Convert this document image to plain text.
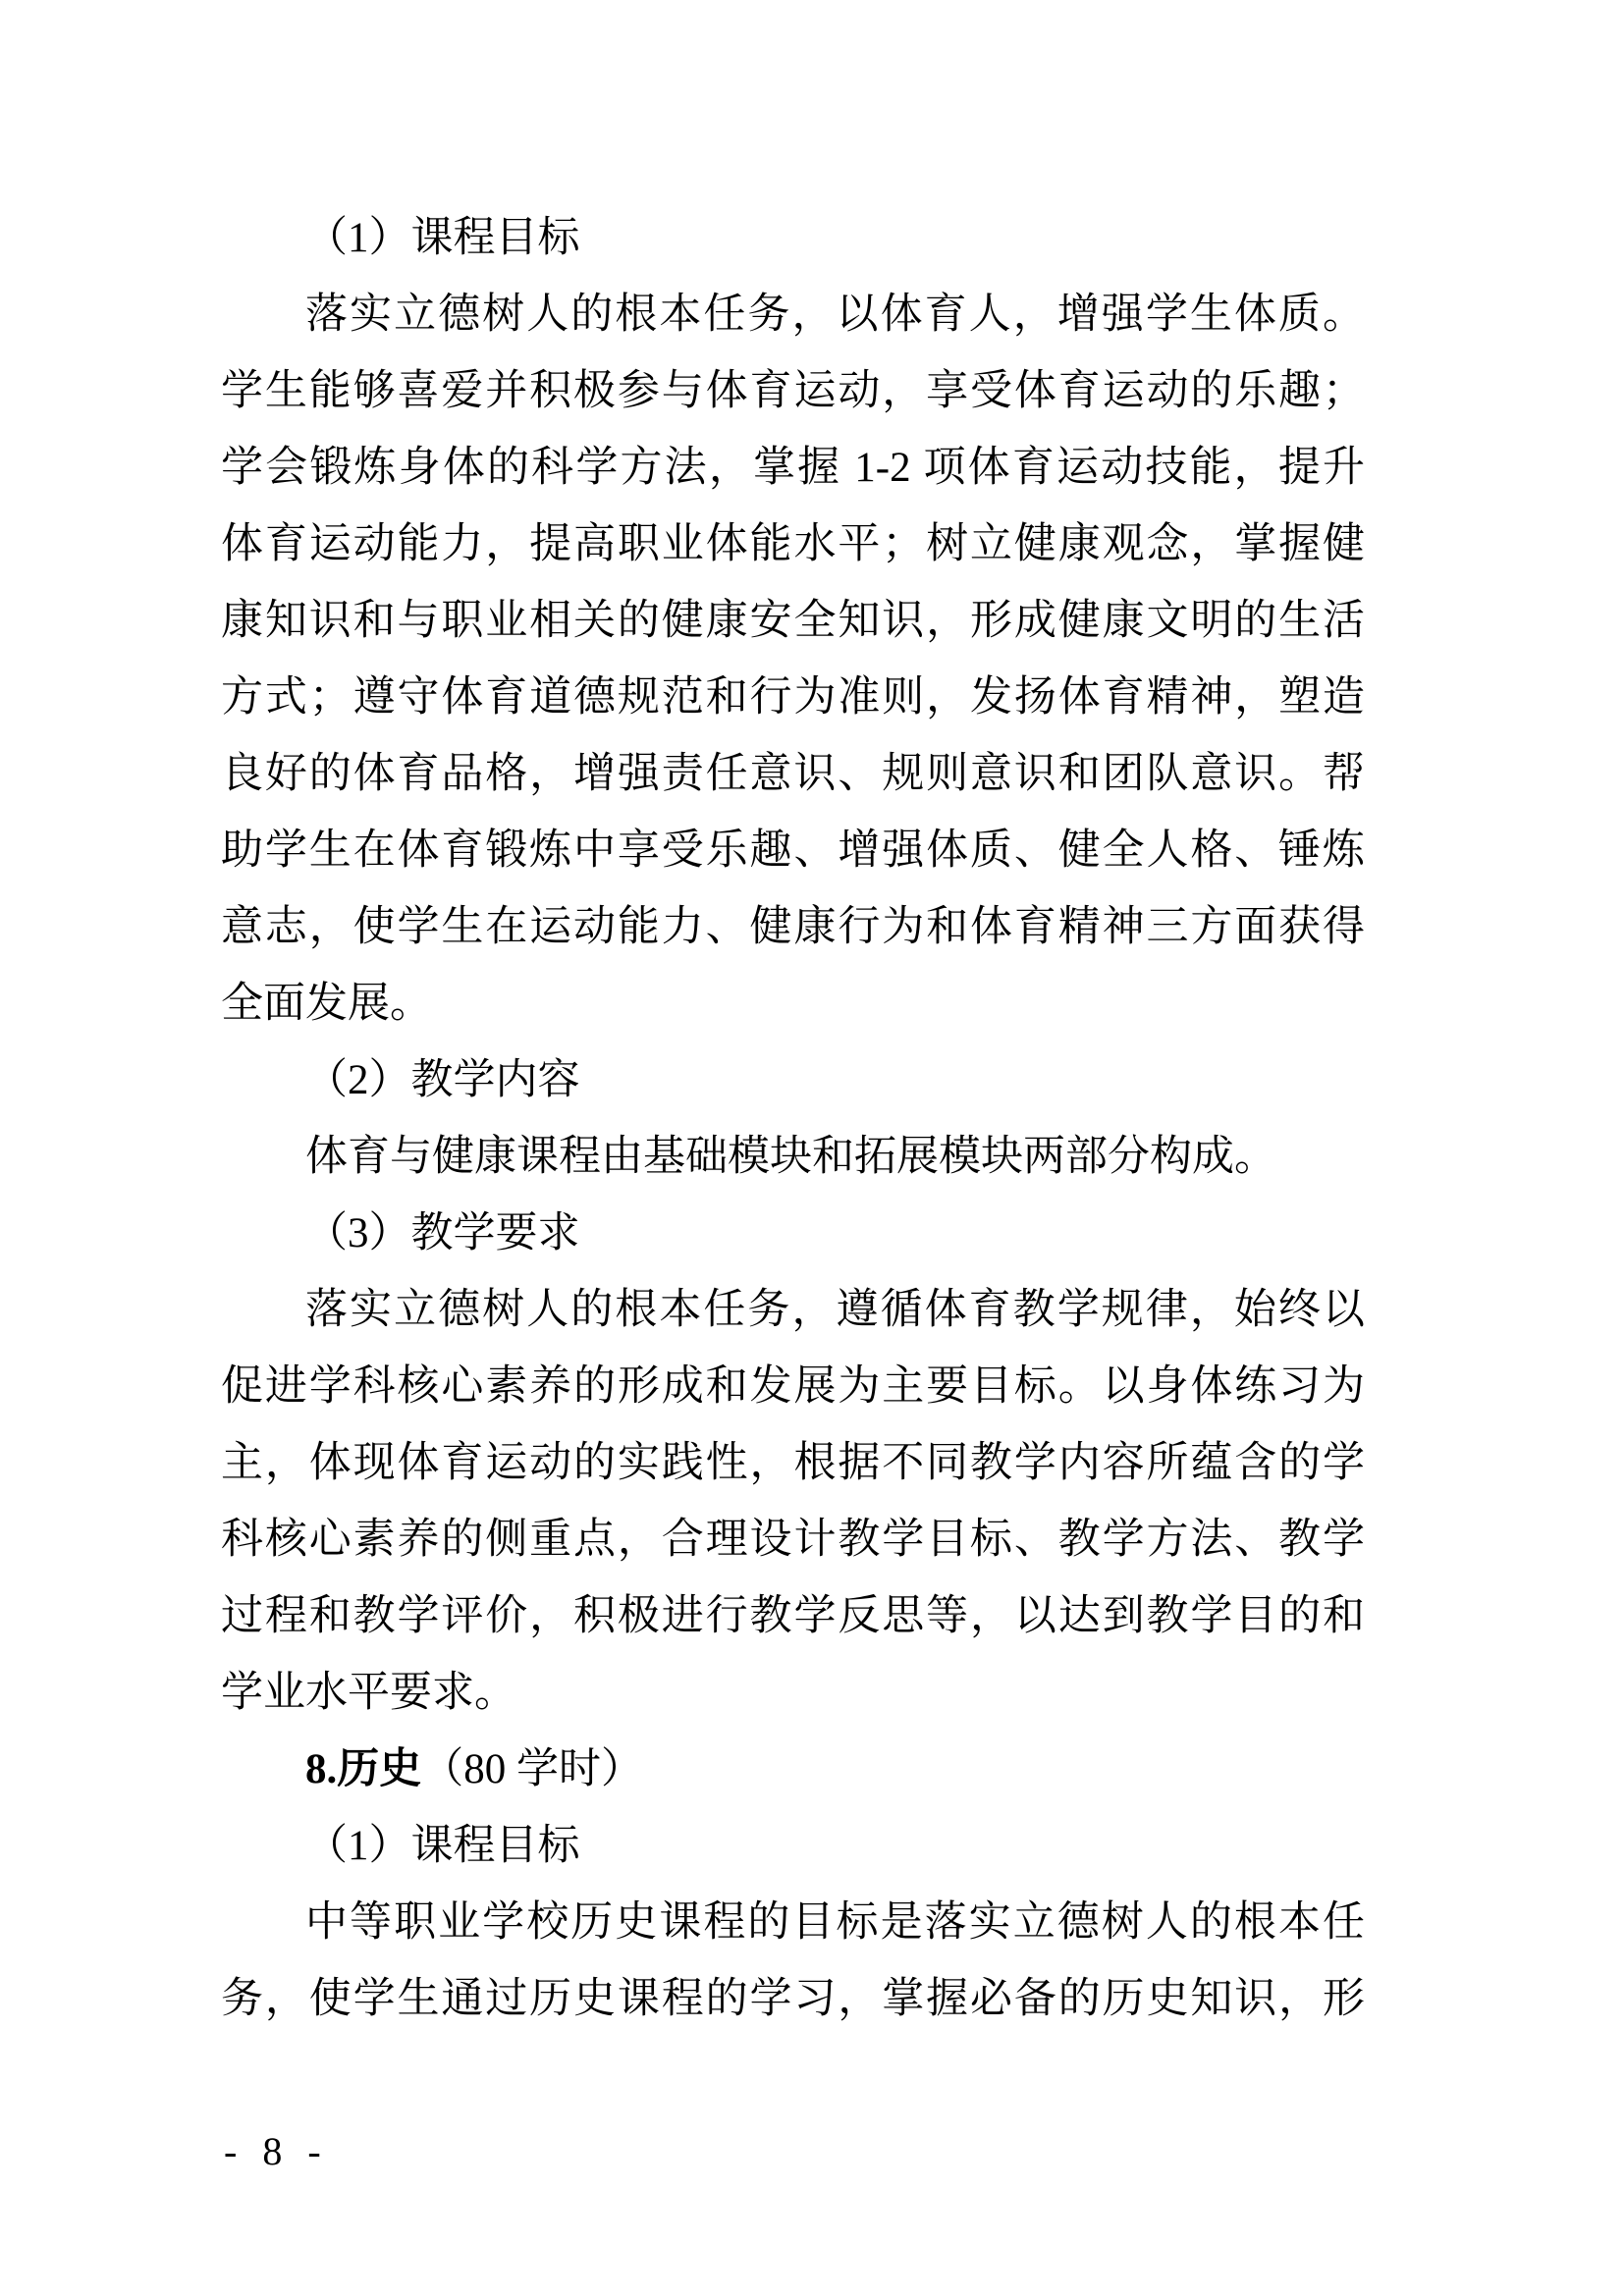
（1）课程目标
落实立德树人的根本任务，以体育人，增强学生体质。
学生能够喜爱并积极参与体育运动，享受体育运动的乐趣；
学会锻炼身体的科学方法，掌握 1-2 项体育运动技能，提升
体育运动能力，提高职业体能水平；树立健康观念，掌握健
康知识和与职业相关的健康安全知识，形成健康文明的生活
方式；遵守体育道德规范和行为准则，发扬体育精神，塑造
良好的体育品格，增强责任意识、规则意识和团队意识。帮
助学生在体育锻炼中享受乐趣、增强体质、健全人格、锤炼
意志，使学生在运动能力、健康行为和体育精神三方面获得
全面发展。
（2）教学内容
体育与健康课程由基础模块和拓展模块两部分构成。
（3）教学要求
落实立德树人的根本任务，遵循体育教学规律，始终以
促进学科核心素养的形成和发展为主要目标。以身体练习为
主，体现体育运动的实践性，根据不同教学内容所蕴含的学
科核心素养的侧重点，合理设计教学目标、教学方法、教学
过程和教学评价，积极进行教学反思等，以达到教学目的和
学业水平要求。
8.历史（80 学时）
（1）课程目标
中等职业学校历史课程的目标是落实立德树人的根本任
务，使学生通过历史课程的学习，掌握必备的历史知识，形
- 8 -
